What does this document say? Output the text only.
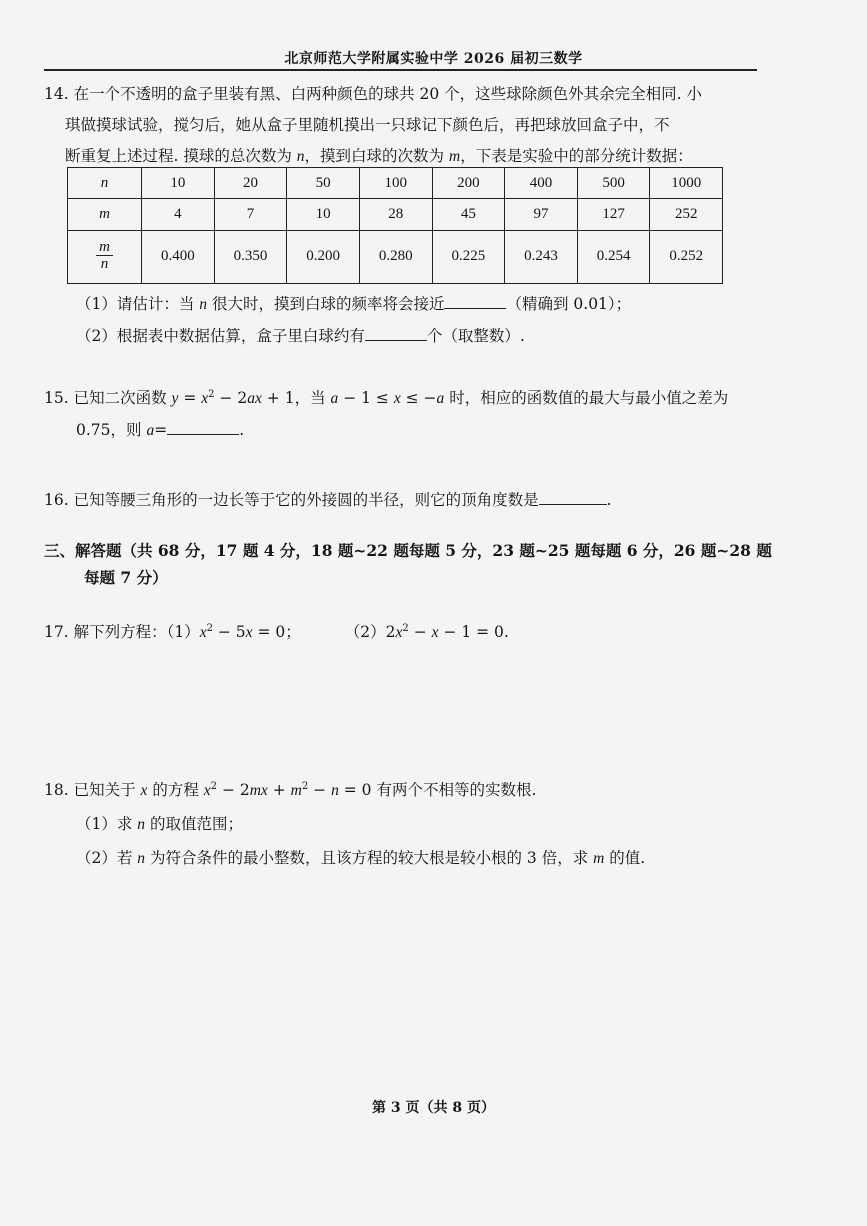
北京师范大学附属实验中学 2026 届初三数学
14. 在一个不透明的盒子里装有黑、白两种颜色的球共 20 个，这些球除颜色外其余完全相同. 小
琪做摸球试验，搅匀后，她从盒子里随机摸出一只球记下颜色后，再把球放回盒子中，不
断重复上述过程. 摸球的总次数为 n，摸到白球的次数为 m，下表是实验中的部分统计数据：
n	10	20	50	100	200	400	500	1000
m	4	7	10	28	45	97	127	252

$\frac{m}{n}$	0.400	0.350	0.200	0.280	0.225	0.243	0.254	0.252
（1）请估计：当 n 很大时，摸到白球的频率将会接近	（精确到 0.01）；
（2）根据表中数据估算，盒子里白球约有	个（取整数）.
15. 已知二次函数 $y = x^2 - 2ax + 1$，当 a − 1 ≤ x ≤ −a 时，相应的函数值的最大与最小值之差为
0.75，则 a=	.
16. 已知等腰三角形的一边长等于它的外接圆的半径，则它的顶角度数是	.
三、解答题（共 68 分，17 题 4 分，18 题~22 题每题 5 分，23 题~25 题每题 6 分，26 题~28 题
每题 7 分）
17. 解下列方程：$(1)x^2 - 5x = 0$；	$(2)2x^2 - x - 1 = 0$.
18. 已知关于 x 的方程 $x^2 - 2mx + m^2 - n = 0$ 有两个不相等的实数根.
（1）求 n 的取值范围；
（2）若 n 为符合条件的最小整数，且该方程的较大根是较小根的 3 倍，求 m 的值.
第 3 页（共 8 页）
